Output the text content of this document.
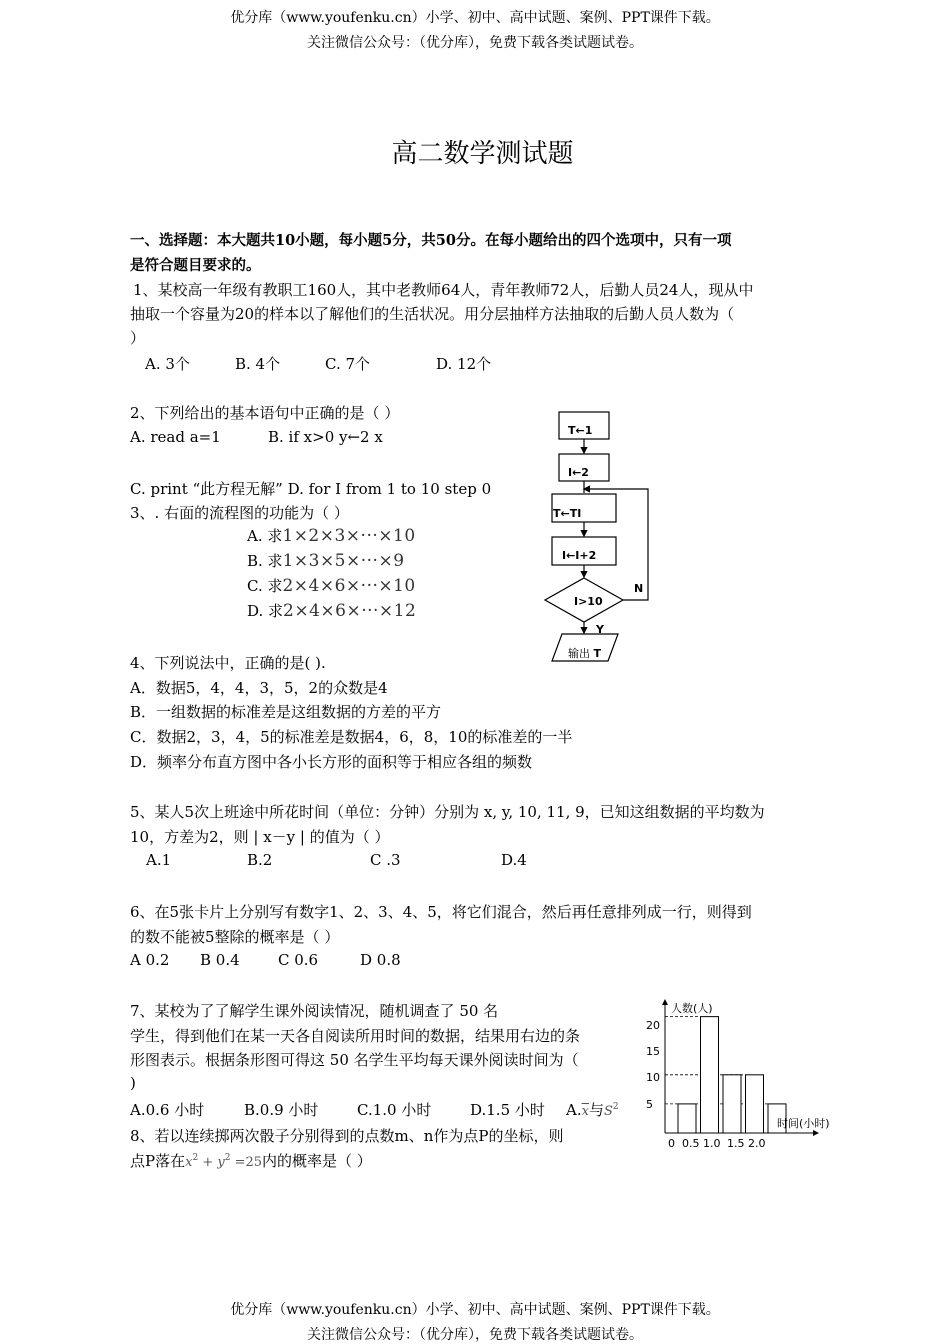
优分库（www.youfenku.cn）小学、初中、高中试题、案例、PPT课件下载。
关注微信公众号：（优分库），免费下载各类试题试卷。
高二数学测试题
一、选择题：本大题共10小题，每小题5分，共50分。在每小题给出的四个选项中，只有一项
是符合题目要求的。
1、某校高一年级有教职工160人，其中老教师64人，青年教师72人，后勤人员24人，现从中
抽取一个容量为20的样本以了解他们的生活状况。用分层抽样方法抽取的后勤人员人数为（
）
A. 3个	B. 4个	C. 7个	D. 12个
2、下列给出的基本语句中正确的是（ ）
A. read a=1	B. if x>0 y←2 x
C. print “此方程无解” D. for I from 1 to 10 step 0
3、. 右面的流程图的功能为（ ）
A. 求1×2×3×···×10
B. 求1×3×5×···×9
C. 求2×4×6×···×10
D. 求2×4×6×···×12
T←1
I←2
T←TI
I←I+2
I>10
N
Y
输出 T
4、下列说法中，正确的是( ).
A．数据5，4，4，3，5，2的众数是4
B．一组数据的标准差是这组数据的方差的平方
C．数据2，3，4，5的标准差是数据4，6，8，10的标准差的一半
D．频率分布直方图中各小长方形的面积等于相应各组的频数
5、某人5次上班途中所花时间（单位：分钟）分别为 x, y, 10, 11, 9，已知这组数据的平均数为
10，方差为2，则 | x－y | 的值为（ ）
A.1	B.2	C .3	D.4
6、在5张卡片上分别写有数字1、2、3、4、5，将它们混合，然后再任意排列成一行，则得到
的数不能被5整除的概率是（ ）
A 0.2 B 0.4	C 0.6	D 0.8
7、某校为了了解学生课外阅读情况，随机调查了 50 名
学生，得到他们在某一天各自阅读所用时间的数据，结果用右边的条
形图表示。根据条形图可得这 50 名学生平均每天课外阅读时间为（
)
A.0.6 小时	B.0.9 小时	C.1.0 小时	D.1.5 小时 $A.\overline{x}$与$S^2$
8、若以连续掷两次骰子分别得到的点数m、n作为点P的坐标，则
点P落在$x^2 + y^2 =25$内的概率是（ ）
人数(人)
时间(小时)
5
10
15
20
0 0.5 1.0 1.5 2.0
优分库（www.youfenku.cn）小学、初中、高中试题、案例、PPT课件下载。
关注微信公众号：（优分库），免费下载各类试题试卷。
